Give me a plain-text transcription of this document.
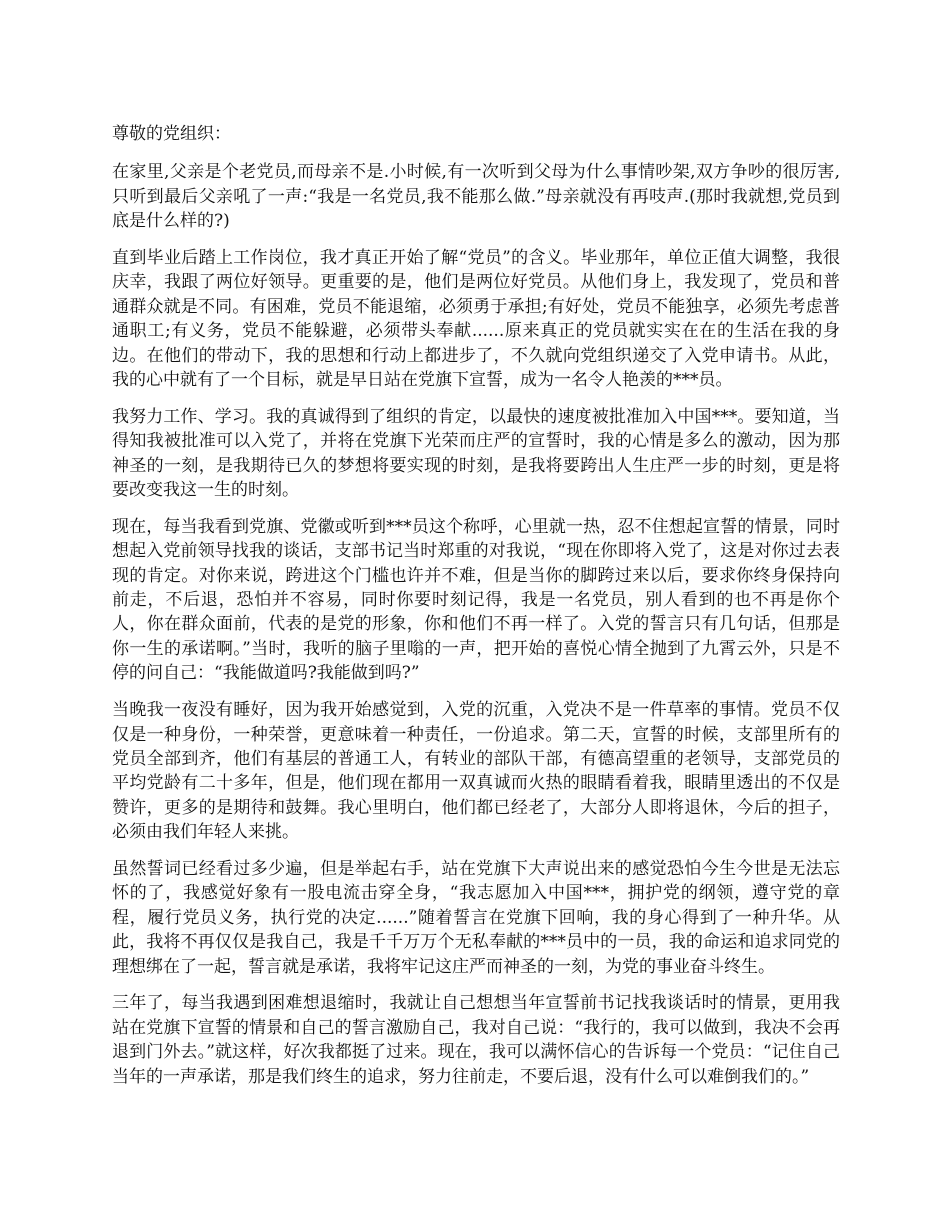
尊敬的党组织：

在家里,父亲是个老党员,而母亲不是.小时候,有一次听到父母为什么事情吵架,双方争吵的很厉害,只听到最后父亲吼了一声:“我是一名党员,我不能那么做.”母亲就没有再吱声.(那时我就想,党员到底是什么样的?)

直到毕业后踏上工作岗位，我才真正开始了解“党员”的含义。毕业那年，单位正值大调整，我很庆幸，我跟了两位好领导。更重要的是，他们是两位好党员。从他们身上，我发现了，党员和普通群众就是不同。有困难，党员不能退缩，必须勇于承担;有好处，党员不能独享，必须先考虑普通职工;有义务，党员不能躲避，必须带头奉献......原来真正的党员就实实在在的生活在我的身边。在他们的带动下，我的思想和行动上都进步了，不久就向党组织递交了入党申请书。从此，我的心中就有了一个目标，就是早日站在党旗下宣誓，成为一名令人艳羡的***员。

我努力工作、学习。我的真诚得到了组织的肯定，以最快的速度被批准加入中国***。要知道，当得知我被批准可以入党了，并将在党旗下光荣而庄严的宣誓时，我的心情是多么的激动，因为那神圣的一刻，是我期待已久的梦想将要实现的时刻，是我将要跨出人生庄严一步的时刻，更是将要改变我这一生的时刻。

现在，每当我看到党旗、党徽或听到***员这个称呼，心里就一热，忍不住想起宣誓的情景，同时想起入党前领导找我的谈话，支部书记当时郑重的对我说，“现在你即将入党了，这是对你过去表现的肯定。对你来说，跨进这个门槛也许并不难，但是当你的脚跨过来以后，要求你终身保持向前走，不后退，恐怕并不容易，同时你要时刻记得，我是一名党员，别人看到的也不再是你个人，你在群众面前，代表的是党的形象，你和他们不再一样了。入党的誓言只有几句话，但那是你一生的承诺啊。”当时，我听的脑子里嗡的一声，把开始的喜悦心情全抛到了九霄云外，只是不停的问自己：“我能做道吗?我能做到吗?”

当晚我一夜没有睡好，因为我开始感觉到，入党的沉重，入党决不是一件草率的事情。党员不仅仅是一种身份，一种荣誉，更意味着一种责任，一份追求。第二天，宣誓的时候，支部里所有的党员全部到齐，他们有基层的普通工人，有转业的部队干部，有德高望重的老领导，支部党员的平均党龄有二十多年，但是，他们现在都用一双真诚而火热的眼睛看着我，眼睛里透出的不仅是赞许，更多的是期待和鼓舞。我心里明白，他们都已经老了，大部分人即将退休，今后的担子，必须由我们年轻人来挑。

虽然誓词已经看过多少遍，但是举起右手，站在党旗下大声说出来的感觉恐怕今生今世是无法忘怀的了，我感觉好象有一股电流击穿全身，“我志愿加入中国***，拥护党的纲领，遵守党的章程，履行党员义务，执行党的决定......”随着誓言在党旗下回响，我的身心得到了一种升华。从此，我将不再仅仅是我自己，我是千千万万个无私奉献的***员中的一员，我的命运和追求同党的理想绑在了一起，誓言就是承诺，我将牢记这庄严而神圣的一刻，为党的事业奋斗终生。

三年了，每当我遇到困难想退缩时，我就让自己想想当年宣誓前书记找我谈话时的情景，更用我站在党旗下宣誓的情景和自己的誓言激励自己，我对自己说：“我行的，我可以做到，我决不会再退到门外去。”就这样，好次我都挺了过来。现在，我可以满怀信心的告诉每一个党员：“记住自己当年的一声承诺，那是我们终生的追求，努力往前走，不要后退，没有什么可以难倒我们的。”
